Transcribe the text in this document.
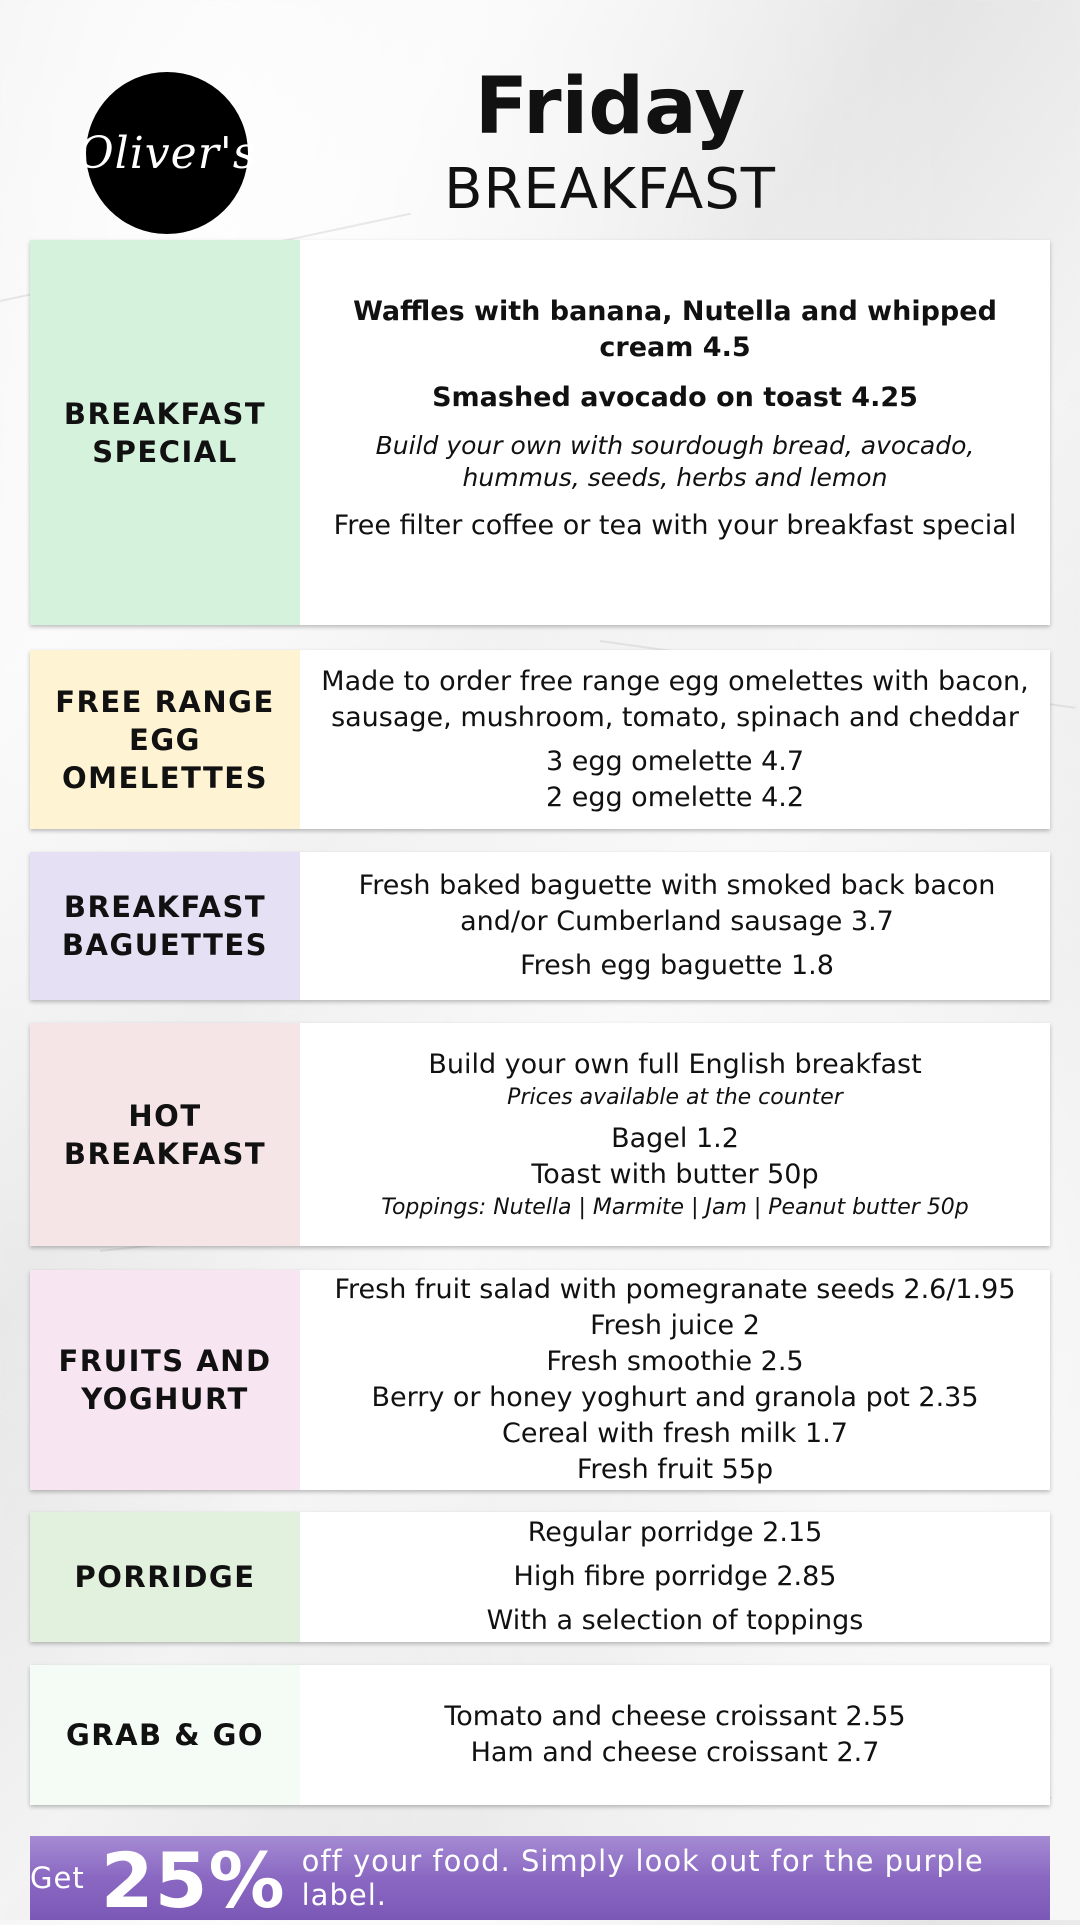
Oliver's
Friday
BREAKFAST
BREAKFAST SPECIAL
Waffles with banana, Nutella and whipped cream 4.5
Smashed avocado on toast 4.25
Build your own with sourdough bread, avocado, hummus, seeds, herbs and lemon
Free filter coffee or tea with your breakfast special
FREE RANGE EGG OMELETTES
Made to order free range egg omelettes with bacon, sausage, mushroom, tomato, spinach and cheddar
3 egg omelette 4.7
2 egg omelette 4.2
BREAKFAST BAGUETTES
Fresh baked baguette with smoked back bacon and/or Cumberland sausage 3.7
Fresh egg baguette 1.8
HOT BREAKFAST
Build your own full English breakfast
Prices available at the counter
Bagel 1.2
Toast with butter 50p
Toppings: Nutella | Marmite | Jam | Peanut butter 50p
FRUITS AND YOGHURT
Fresh fruit salad with pomegranate seeds 2.6/1.95
Fresh juice 2
Fresh smoothie 2.5
Berry or honey yoghurt and granola pot 2.35
Cereal with fresh milk 1.7
Fresh fruit 55p
PORRIDGE
Regular porridge 2.15
High fibre porridge 2.85
With a selection of toppings
GRAB & GO
Tomato and cheese croissant 2.55
Ham and cheese croissant 2.7
Get 25% off your food. Simply look out for the purple label.
